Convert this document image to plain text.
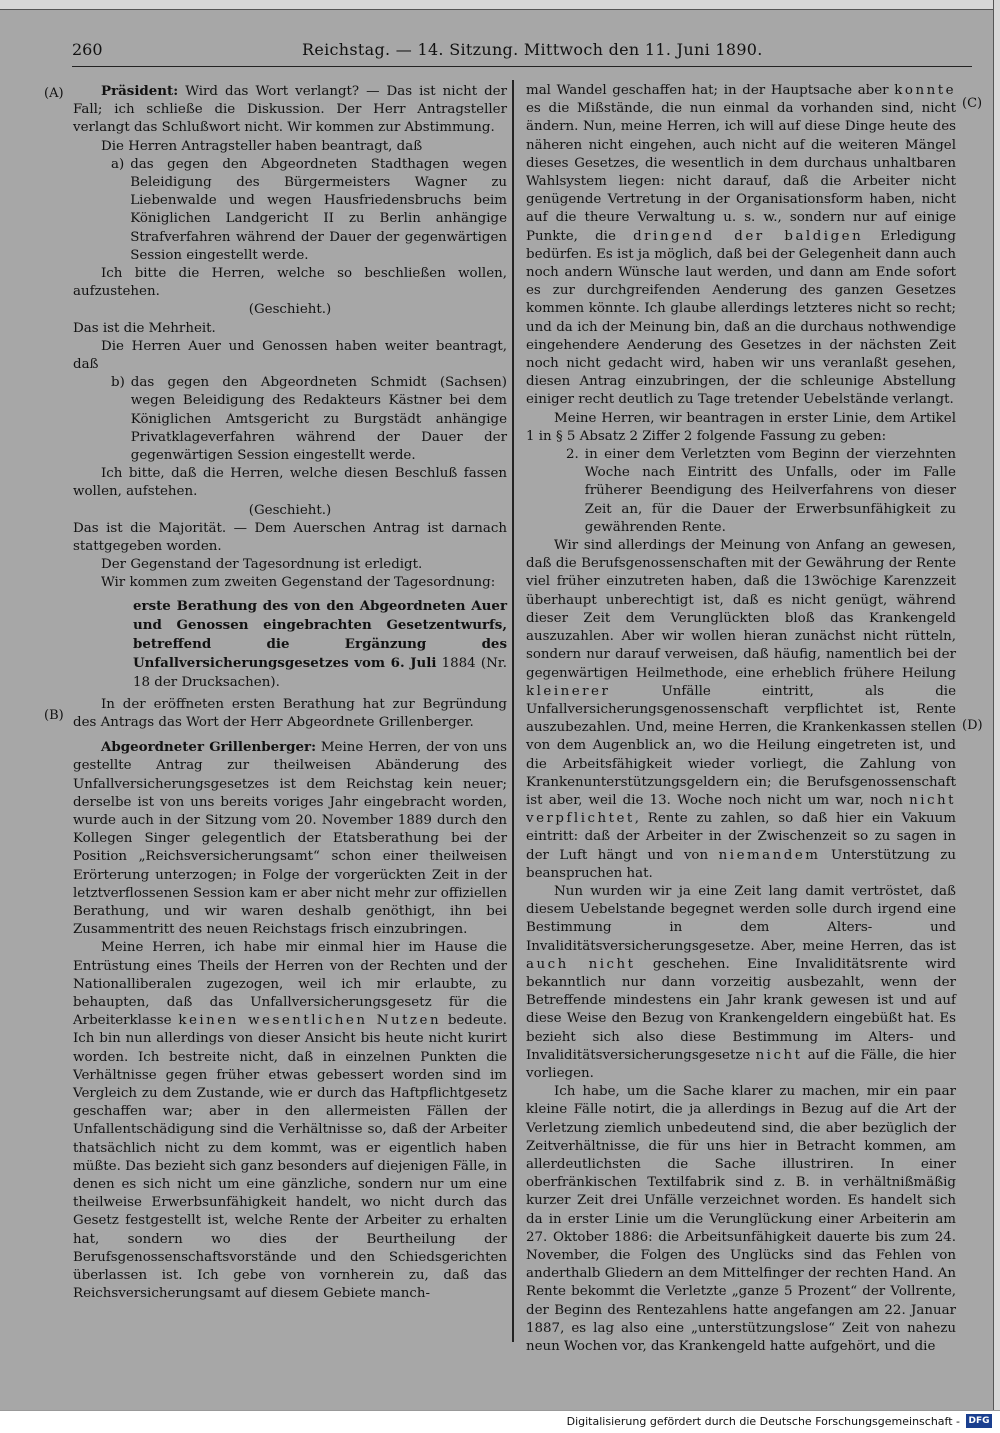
260	Reichstag. — 14. Sitzung. Mittwoch den 11. Juni 1890.
(A)
(B)
(C)
(D)

Präsident: Wird das Wort verlangt? — Das ist nicht der Fall; ich schließe die Diskussion. Der Herr Antragsteller verlangt das Schlußwort nicht. Wir kommen zur Abstimmung.

Die Herren Antragsteller haben beantragt, daß

a) das gegen den Abgeordneten Stadthagen wegen Beleidigung des Bürgermeisters Wagner zu Liebenwalde und wegen Hausfriedensbruchs beim Königlichen Landgericht II zu Berlin anhängige Strafverfahren während der Dauer der gegenwärtigen Session eingestellt werde.

Ich bitte die Herren, welche so beschließen wollen, aufzustehen.

(Geschieht.)

Das ist die Mehrheit.

Die Herren Auer und Genossen haben weiter beantragt, daß

b) das gegen den Abgeordneten Schmidt (Sachsen) wegen Beleidigung des Redakteurs Kästner bei dem Königlichen Amtsgericht zu Burgstädt anhängige Privatklageverfahren während der Dauer der gegenwärtigen Session eingestellt werde.

Ich bitte, daß die Herren, welche diesen Beschluß fassen wollen, aufstehen.

(Geschieht.)

Das ist die Majorität. — Dem Auerschen Antrag ist darnach stattgegeben worden.

Der Gegenstand der Tagesordnung ist erledigt.

Wir kommen zum zweiten Gegenstand der Tagesordnung:

erste Berathung des von den Abgeordneten Auer und Genossen eingebrachten Gesetzentwurfs, betreffend die Ergänzung des Unfallversicherungsgesetzes vom 6. Juli 1884 (Nr. 18 der Drucksachen).

In der eröffneten ersten Berathung hat zur Begründung des Antrags das Wort der Herr Abgeordnete Grillenberger.

Abgeordneter Grillenberger: Meine Herren, der von uns gestellte Antrag zur theilweisen Abänderung des Unfallversicherungsgesetzes ist dem Reichstag kein neuer; derselbe ist von uns bereits voriges Jahr eingebracht worden, wurde auch in der Sitzung vom 20. November 1889 durch den Kollegen Singer gelegentlich der Etatsberathung bei der Position „Reichsversicherungsamt“ schon einer theilweisen Erörterung unterzogen; in Folge der vorgerückten Zeit in der letztverflossenen Session kam er aber nicht mehr zur offiziellen Berathung, und wir waren deshalb genöthigt, ihn bei Zusammentritt des neuen Reichstags frisch einzubringen.

Meine Herren, ich habe mir einmal hier im Hause die Entrüstung eines Theils der Herren von der Rechten und der Nationalliberalen zugezogen, weil ich mir erlaubte, zu behaupten, daß das Unfallversicherungsgesetz für die Arbeiterklasse keinen wesentlichen Nutzen bedeute. Ich bin nun allerdings von dieser Ansicht bis heute nicht kurirt worden. Ich bestreite nicht, daß in einzelnen Punkten die Verhältnisse gegen früher etwas gebessert worden sind im Vergleich zu dem Zustande, wie er durch das Haftpflichtgesetz geschaffen war; aber in den allermeisten Fällen der Unfallentschädigung sind die Verhältnisse so, daß der Arbeiter thatsächlich nicht zu dem kommt, was er eigentlich haben müßte. Das bezieht sich ganz besonders auf diejenigen Fälle, in denen es sich nicht um eine gänzliche, sondern nur um eine theilweise Erwerbsunfähigkeit handelt, wo nicht durch das Gesetz festgestellt ist, welche Rente der Arbeiter zu erhalten hat, sondern wo dies der Beurtheilung der Berufsgenossenschaftsvorstände und den Schiedsgerichten überlassen ist. Ich gebe von vornherein zu, daß das Reichsversicherungsamt auf diesem Gebiete manch-

mal Wandel geschaffen hat; in der Hauptsache aber konnte es die Mißstände, die nun einmal da vorhanden sind, nicht ändern. Nun, meine Herren, ich will auf diese Dinge heute des näheren nicht eingehen, auch nicht auf die weiteren Mängel dieses Gesetzes, die wesentlich in dem durchaus unhaltbaren Wahlsystem liegen: nicht darauf, daß die Arbeiter nicht genügende Vertretung in der Organisationsform haben, nicht auf die theure Verwaltung u. s. w., sondern nur auf einige Punkte, die dringend der baldigen Erledigung bedürfen. Es ist ja möglich, daß bei der Gelegenheit dann auch noch andern Wünsche laut werden, und dann am Ende sofort es zur durchgreifenden Aenderung des ganzen Gesetzes kommen könnte. Ich glaube allerdings letzteres nicht so recht; und da ich der Meinung bin, daß an die durchaus nothwendige eingehendere Aenderung des Gesetzes in der nächsten Zeit noch nicht gedacht wird, haben wir uns veranlaßt gesehen, diesen Antrag einzubringen, der die schleunige Abstellung einiger recht deutlich zu Tage tretender Uebelstände verlangt.

Meine Herren, wir beantragen in erster Linie, dem Artikel 1 in § 5 Absatz 2 Ziffer 2 folgende Fassung zu geben:

2. in einer dem Verletzten vom Beginn der vierzehnten Woche nach Eintritt des Unfalls, oder im Falle früherer Beendigung des Heilverfahrens von dieser Zeit an, für die Dauer der Erwerbsunfähigkeit zu gewährenden Rente.

Wir sind allerdings der Meinung von Anfang an gewesen, daß die Berufsgenossenschaften mit der Gewährung der Rente viel früher einzutreten haben, daß die 13wöchige Karenzzeit überhaupt unberechtigt ist, daß es nicht genügt, während dieser Zeit dem Verunglückten bloß das Krankengeld auszuzahlen. Aber wir wollen hieran zunächst nicht rütteln, sondern nur darauf verweisen, daß häufig, namentlich bei der gegenwärtigen Heilmethode, eine erheblich frühere Heilung kleinerer Unfälle eintritt, als die Unfallversicherungsgenossenschaft verpflichtet ist, Rente auszubezahlen. Und, meine Herren, die Krankenkassen stellen von dem Augenblick an, wo die Heilung eingetreten ist, und die Arbeitsfähigkeit wieder vorliegt, die Zahlung von Krankenunterstützungsgeldern ein; die Berufsgenossenschaft ist aber, weil die 13. Woche noch nicht um war, noch nicht verpflichtet, Rente zu zahlen, so daß hier ein Vakuum eintritt: daß der Arbeiter in der Zwischenzeit so zu sagen in der Luft hängt und von niemandem Unterstützung zu beanspruchen hat.

Nun wurden wir ja eine Zeit lang damit vertröstet, daß diesem Uebelstande begegnet werden solle durch irgend eine Bestimmung in dem Alters- und Invaliditätsversicherungsgesetze. Aber, meine Herren, das ist auch nicht geschehen. Eine Invaliditätsrente wird bekanntlich nur dann vorzeitig ausbezahlt, wenn der Betreffende mindestens ein Jahr krank gewesen ist und auf diese Weise den Bezug von Krankengeldern eingebüßt hat. Es bezieht sich also diese Bestimmung im Alters- und Invaliditätsversicherungsgesetze nicht auf die Fälle, die hier vorliegen.

Ich habe, um die Sache klarer zu machen, mir ein paar kleine Fälle notirt, die ja allerdings in Bezug auf die Art der Verletzung ziemlich unbedeutend sind, die aber bezüglich der Zeitverhältnisse, die für uns hier in Betracht kommen, am allerdeutlichsten die Sache illustriren. In einer oberfränkischen Textilfabrik sind z. B. in verhältnißmäßig kurzer Zeit drei Unfälle verzeichnet worden. Es handelt sich da in erster Linie um die Verunglückung einer Arbeiterin am 27. Oktober 1886: die Arbeitsunfähigkeit dauerte bis zum 24. November, die Folgen des Unglücks sind das Fehlen von anderthalb Gliedern an dem Mittelfinger der rechten Hand. An Rente bekommt die Verletzte „ganze 5 Prozent“ der Vollrente, der Beginn des Rentezahlens hatte angefangen am 22. Januar 1887, es lag also eine „unterstützungslose“ Zeit von nahezu neun Wochen vor, das Krankengeld hatte aufgehört, und die

Digitalisierung gefördert durch die Deutsche Forschungsgemeinschaft - DFG
